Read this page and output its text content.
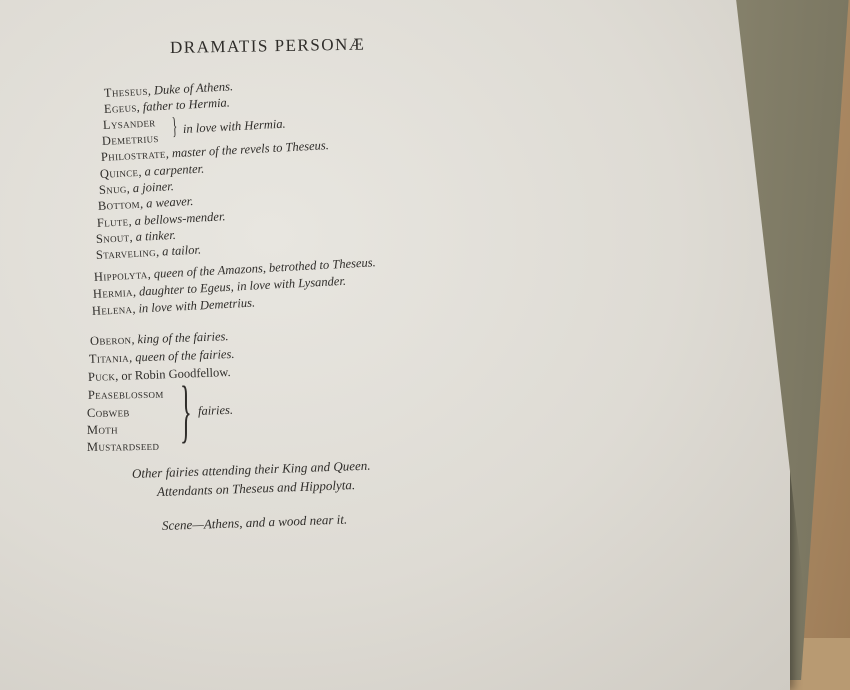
DRAMATIS PERSONÆ
Theseus, Duke of Athens.
Egeus, father to Hermia.
Lysander
Demetrius } in love with Hermia.
Philostrate, master of the revels to Theseus.
Quince, a carpenter.
Snug, a joiner.
Bottom, a weaver.
Flute, a bellows-mender.
Snout, a tinker.
Starveling, a tailor.
Hippolyta, queen of the Amazons, betrothed to Theseus.
Hermia, daughter to Egeus, in love with Lysander.
Helena, in love with Demetrius.
Oberon, king of the fairies.
Titania, queen of the fairies.
Puck, or Robin Goodfellow.
Peaseblossom
Cobweb
Moth
Mustardseed } fairies.
Other fairies attending their King and Queen.
Attendants on Theseus and Hippolyta.
Scene—Athens, and a wood near it.
